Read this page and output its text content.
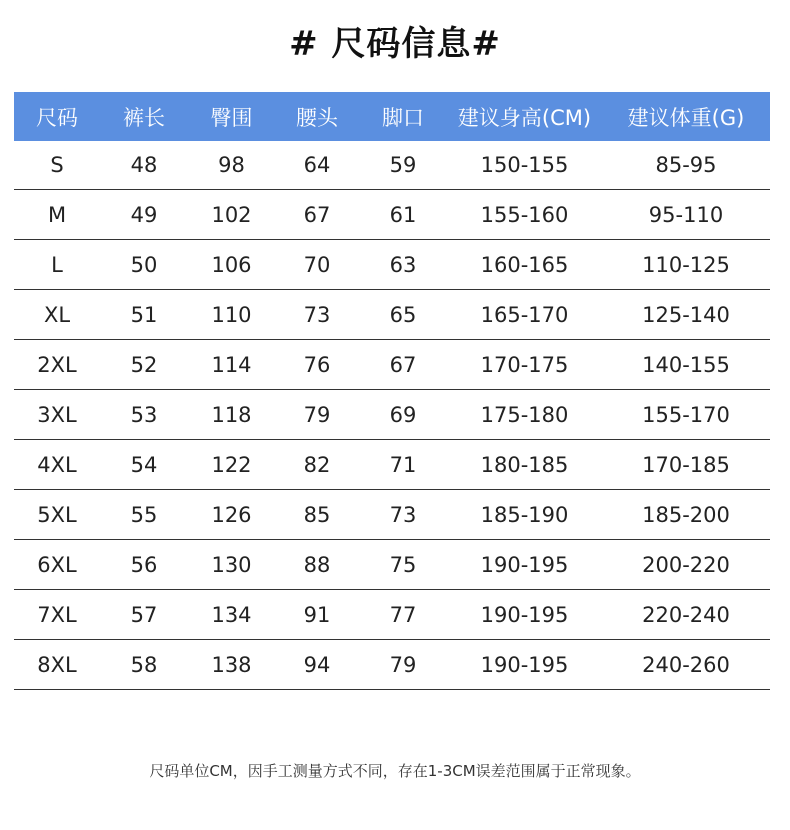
# 尺码信息#
尺码	裤长	臀围	腰头	脚口	建议身高(CM)	建议体重(G)
S	48	98	64	59	150-155	85-95
M	49	102	67	61	155-160	95-110
L	50	106	70	63	160-165	110-125
XL	51	110	73	65	165-170	125-140
2XL	52	114	76	67	170-175	140-155
3XL	53	118	79	69	175-180	155-170
4XL	54	122	82	71	180-185	170-185
5XL	55	126	85	73	185-190	185-200
6XL	56	130	88	75	190-195	200-220
7XL	57	134	91	77	190-195	220-240
8XL	58	138	94	79	190-195	240-260
尺码单位CM，因手工测量方式不同，存在1-3CM误差范围属于正常现象。
